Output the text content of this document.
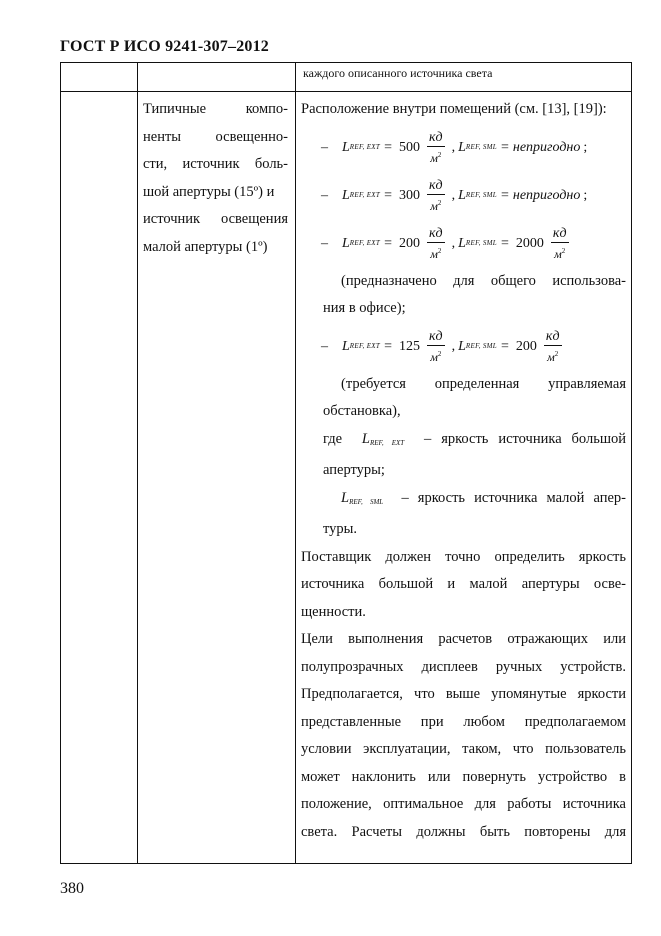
ГОСТ Р ИСО 9241-307–2012
каждого описанного источника света
Типичные компо-
ненты освещенно-
сти, источник боль-
шой апертуры (15º) и
источник освещения
малой апертуры (1º)
Расположение внутри помещений (см. [13], [19]):
– L REF, EXT = $500 \frac{кд}{м^2}$ , L REF, SML = непригодно ;
– L REF, EXT = $300 \frac{кд}{м^2}$ , L REF, SML = непригодно ;
– L REF, EXT = $200 \frac{кд}{м^2}$ , L REF, SML = $2000 \frac{кд}{м^2}$
(предназначено для общего использова-
ния в офисе);
– L REF, EXT = $125 \frac{кд}{м^2}$ , L REF, SML = $200 \frac{кд}{м^2}$
(требуется определенная управляемая
обстановка),
где LREF, EXT – яркость источника большой
апертуры;
LREF, SML – яркость источника малой апер-
туры.
Поставщик должен точно определить яркость
источника большой и малой апертуры осве-
щенности.
Цели выполнения расчетов отражающих или
полупрозрачных дисплеев ручных устройств.
Предполагается, что выше упомянутые яркости
представленные при любом предполагаемом
условии эксплуатации, таком, что пользователь
может наклонить или повернуть устройство в
положение, оптимальное для работы источника
света. Расчеты должны быть повторены для
380
